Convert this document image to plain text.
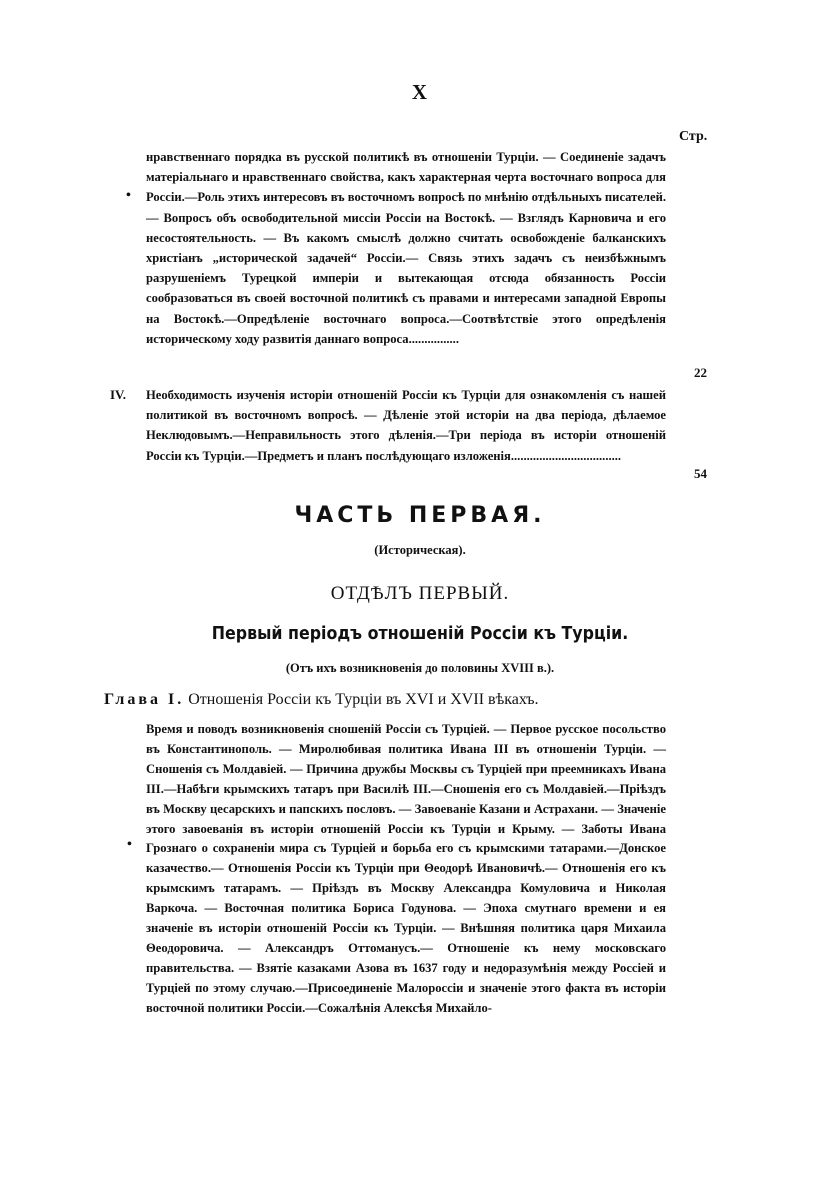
X
Стр.
•
нравственнаго порядка въ русской политикѣ въ отношенiи Турцiи. — Соединенiе задачъ матерiальнаго и нравственнаго свойства, какъ характерная черта восточнаго вопроса для Россiи.—Роль этихъ интересовъ въ восточномъ вопросѣ по мнѣнiю отдѣльныхъ писателей. — Вопросъ объ освободительной миссiи Россiи на Востокѣ. — Взглядъ Карновича и его несостоятельность. — Въ какомъ смыслѣ должно считать освобожденiе балканскихъ христiанъ „исторической задачей“ Россiи.— Связь этихъ задачъ съ неизбѣжнымъ разрушенiемъ Турецкой имперiи и вытекающая отсюда обязанность Россiи сообразоваться въ своей восточной политикѣ съ правами и интересами западной Европы на Востокѣ.—Опредѣленiе восточнаго вопроса.—Соотвѣтствiе этого опредѣленiя историческому ходу развитiя даннаго вопроса................
22
IV. Необходимость изученiя исторiи отношенiй Россiи къ Турцiи для ознакомленiя съ нашей политикой въ восточномъ вопросѣ. — Дѣленiе этой исторiи на два перiода, дѣлаемое Неклюдовымъ.—Неправильность этого дѣленiя.—Три перiода въ исторiи отношенiй Россiи къ Турцiи.—Предметъ и планъ послѣдующаго изложенiя...................................
54
ЧАСТЬ ПЕРВАЯ.
(Историческая).
ОТДѢЛЪ ПЕРВЫЙ.
Первый перiодъ отношенiй Россiи къ Турцiи.
(Отъ ихъ возникновенiя до половины XVIII в.).
Глава I. Отношенiя Россiи къ Турцiи въ XVI и XVII вѣкахъ.
•
Время и поводъ возникновенiя сношенiй Россiи съ Турцiей. — Первое русское посольство въ Константинополь. — Миролюбивая политика Ивана III въ отношенiи Турцiи. — Сношенiя съ Молдавiей. — Причина дружбы Москвы съ Турцiей при преемникахъ Ивана III.—Набѣги крымскихъ татаръ при Василiѣ III.—Сношенiя его съ Молдавiей.—Прiѣздъ въ Москву цесарскихъ и папскихъ пословъ. — Завоеванiе Казани и Астрахани. — Значенiе этого завоеванiя въ исторiи отношенiй Россiи къ Турцiи и Крыму. — Заботы Ивана Грознаго о сохраненiи мира съ Турцiей и борьба его съ крымскими татарами.—Донское казачество.— Отношенiя Россiи къ Турцiи при Θеодорѣ Ивановичѣ.— Отношенiя его къ крымскимъ татарамъ. — Прiѣздъ въ Москву Александра Комуловича и Николая Варкоча. — Восточная политика Бориса Годунова. — Эпоха смутнаго времени и ея значенiе въ исторiи отношенiй Россiи къ Турцiи. — Внѣшняя политика царя Михаила Θеодоровича. — Александръ Оттоманусъ.— Отношенiе къ нему московскаго правительства. — Взятiе казаками Азова въ 1637 году и недоразумѣнiя между Россiей и Турцiей по этому случаю.—Присоединенiе Малороссiи и значенiе этого факта въ исторiи восточной политики Россiи.—Сожалѣнiя Алексѣя Михайло-
